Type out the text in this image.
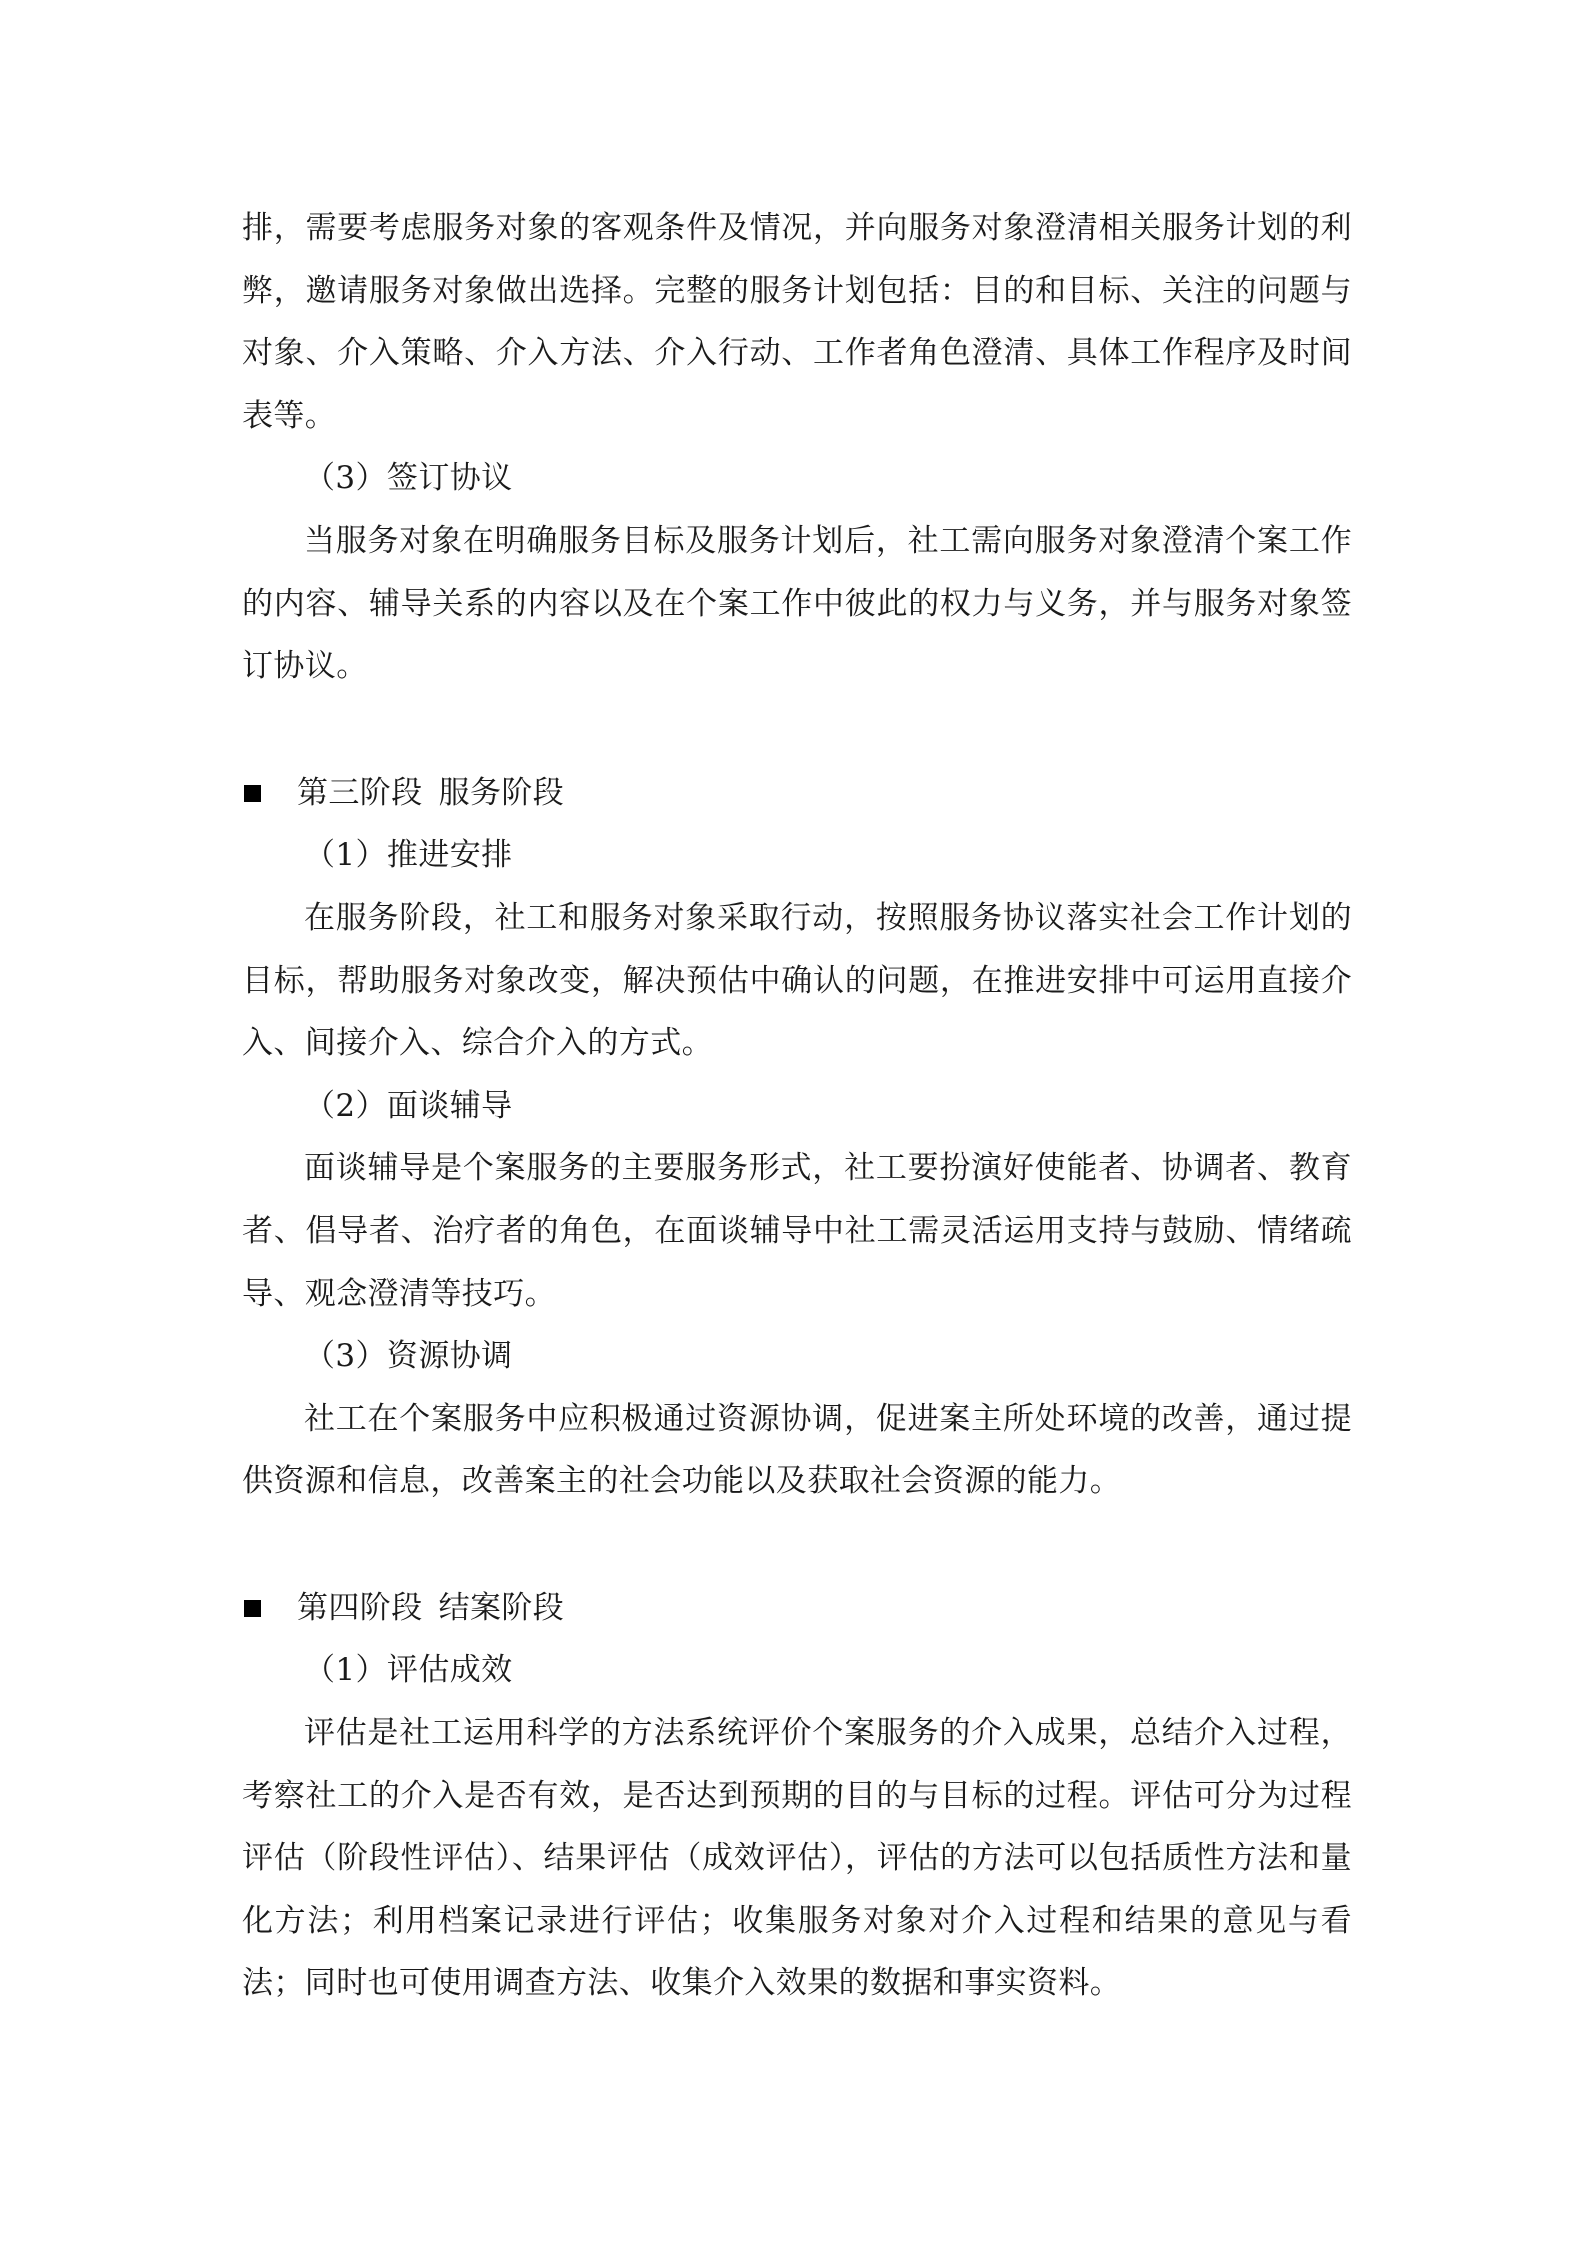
排，需要考虑服务对象的客观条件及情况，并向服务对象澄清相关服务计划的利弊，邀请服务对象做出选择。完整的服务计划包括：目的和目标、关注的问题与对象、介入策略、介入方法、介入行动、工作者角色澄清、具体工作程序及时间表等。

（3）签订协议

当服务对象在明确服务目标及服务计划后，社工需向服务对象澄清个案工作的内容、辅导关系的内容以及在个案工作中彼此的权力与义务，并与服务对象签订协议。

第三阶段 服务阶段

（1）推进安排

在服务阶段，社工和服务对象采取行动，按照服务协议落实社会工作计划的目标，帮助服务对象改变，解决预估中确认的问题，在推进安排中可运用直接介入、间接介入、综合介入的方式。

（2）面谈辅导

面谈辅导是个案服务的主要服务形式，社工要扮演好使能者、协调者、教育者、倡导者、治疗者的角色，在面谈辅导中社工需灵活运用支持与鼓励、情绪疏导、观念澄清等技巧。

（3）资源协调

社工在个案服务中应积极通过资源协调，促进案主所处环境的改善，通过提供资源和信息，改善案主的社会功能以及获取社会资源的能力。

第四阶段 结案阶段

（1）评估成效

评估是社工运用科学的方法系统评价个案服务的介入成果，总结介入过程，考察社工的介入是否有效，是否达到预期的目的与目标的过程。评估可分为过程评估（阶段性评估）、结果评估（成效评估），评估的方法可以包括质性方法和量化方法；利用档案记录进行评估；收集服务对象对介入过程和结果的意见与看法；同时也可使用调查方法、收集介入效果的数据和事实资料。
